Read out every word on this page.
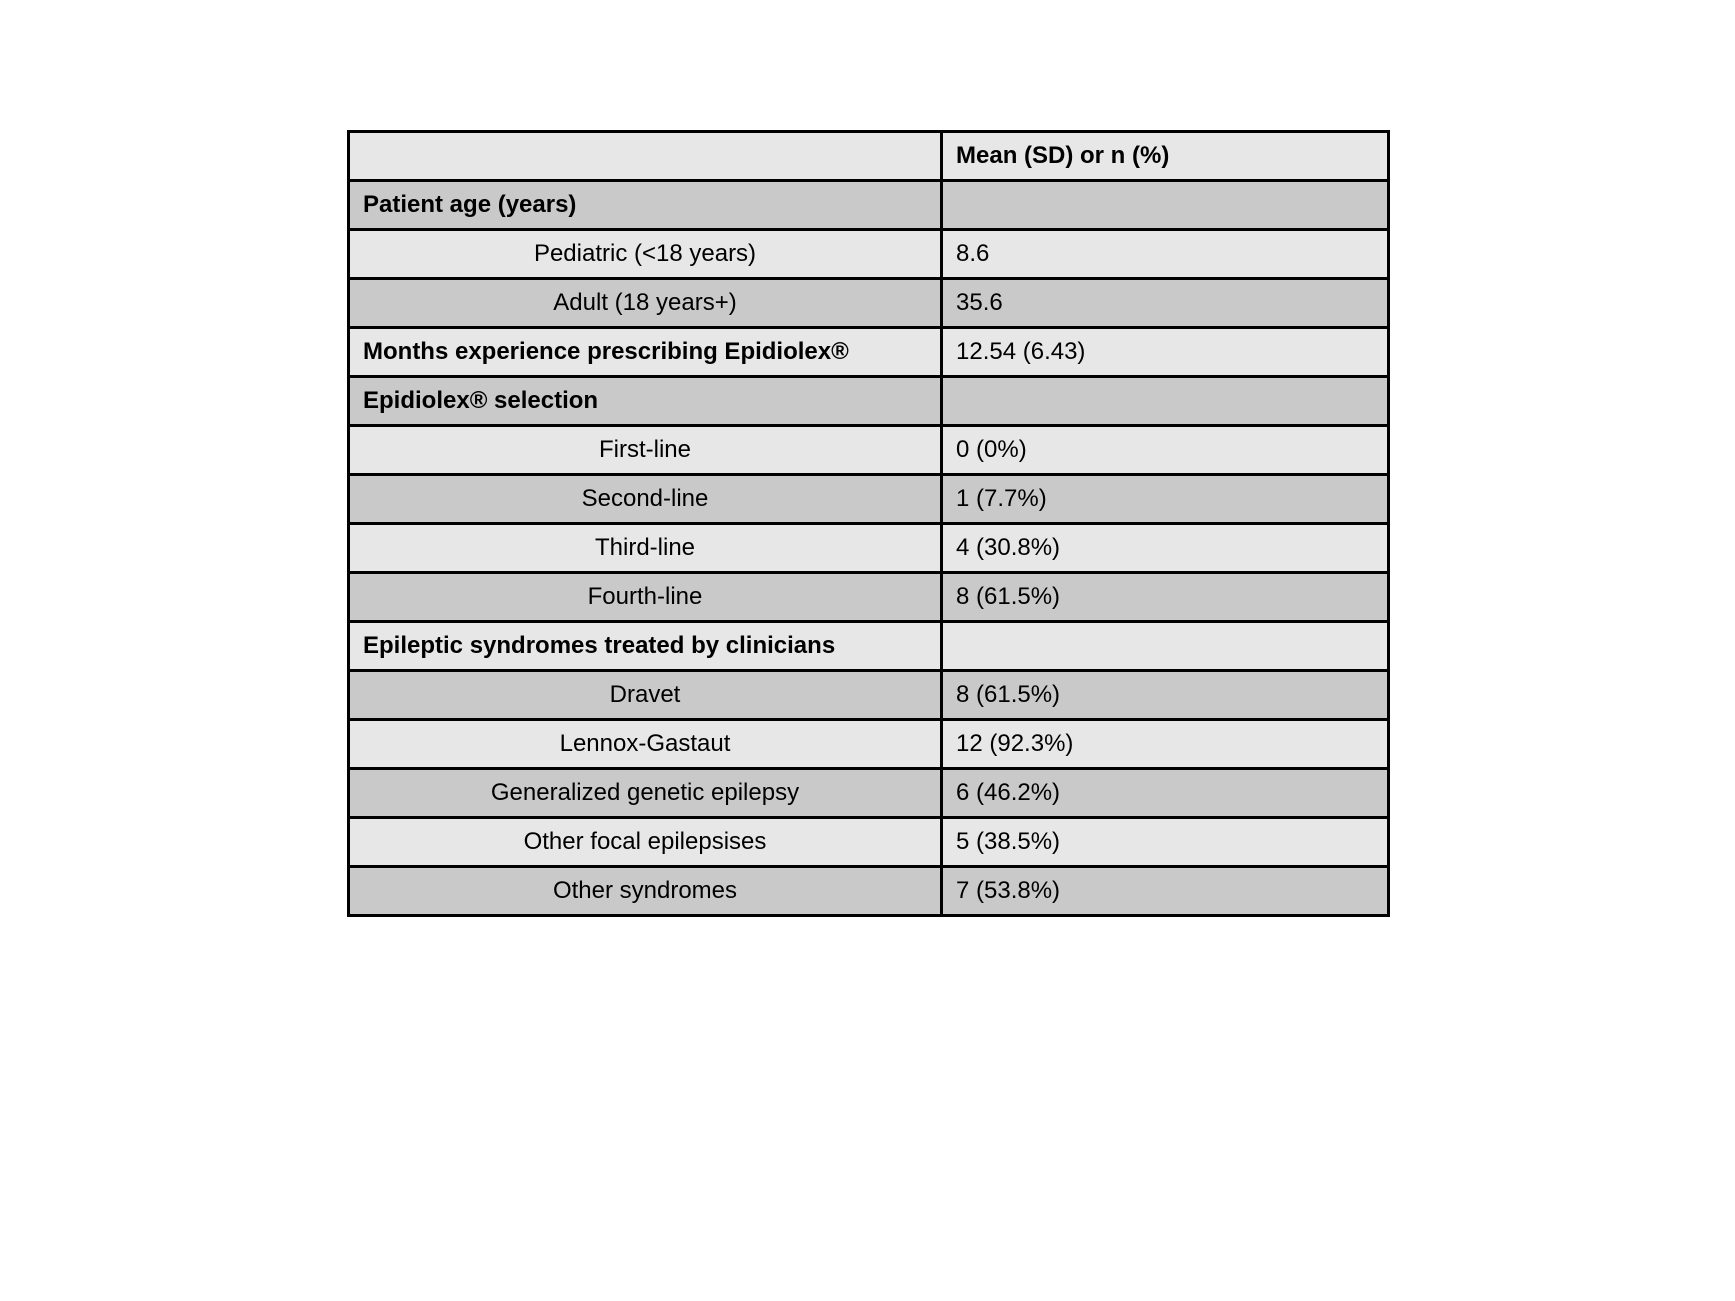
	Mean (SD) or n (%)
Patient age (years)	
Pediatric (<18 years)	8.6
Adult (18 years+)	35.6
Months experience prescribing Epidiolex®	12.54 (6.43)
Epidiolex® selection	
First-line	0 (0%)
Second-line	1 (7.7%)
Third-line	4 (30.8%)
Fourth-line	8 (61.5%)
Epileptic syndromes treated by clinicians	
Dravet	8 (61.5%)
Lennox-Gastaut	12 (92.3%)
Generalized genetic epilepsy	6 (46.2%)
Other focal epilepsises	5 (38.5%)
Other syndromes	7 (53.8%)
